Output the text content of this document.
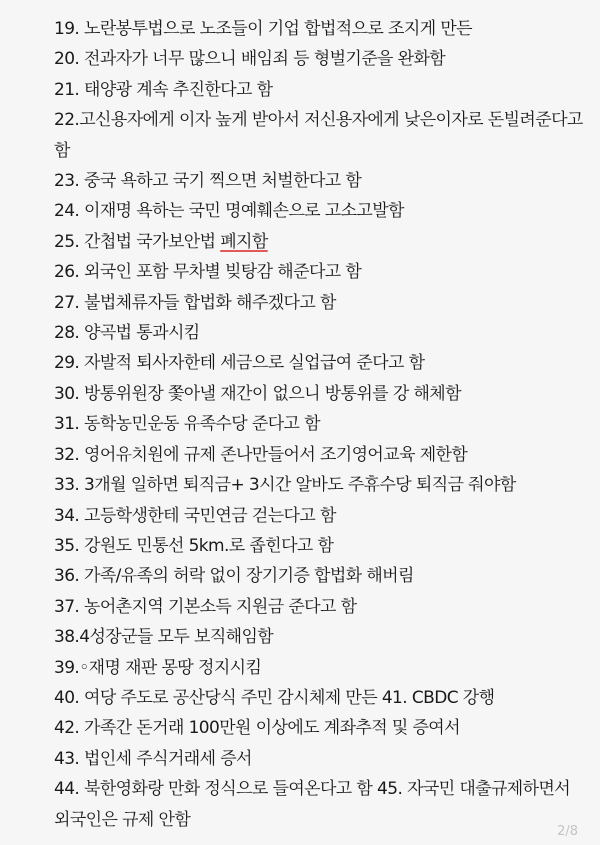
19. 노란봉투법으로 노조들이 기업 합법적으로 조지게 만든
20. 전과자가 너무 많으니 배임죄 등 형벌기준을 완화함
21. 태양광 계속 추진한다고 함
22.고신용자에게 이자 높게 받아서 저신용자에게 낮은이자로 돈빌려준다고 함
23. 중국 욕하고 국기 찍으면 처벌한다고 함
24. 이재명 욕하는 국민 명예훼손으로 고소고발함
25. 간첩법 국가보안법 폐지함
26. 외국인 포함 무차별 빚탕감 해준다고 함
27. 불법체류자들 합법화 해주겠다고 함
28. 양곡법 통과시킴
29. 자발적 퇴사자한테 세금으로 실업급여 준다고 함
30. 방통위원장 쫓아낼 재간이 없으니 방통위를 강 해체함
31. 동학농민운동 유족수당 준다고 함
32. 영어유치원에 규제 존나만들어서 조기영어교육 제한함
33. 3개월 일하면 퇴직금+ 3시간 알바도 주휴수당 퇴직금 줘야함
34. 고등학생한테 국민연금 걷는다고 함
35. 강원도 민통선 5km.로 좁힌다고 함
36. 가족/유족의 허락 없이 장기기증 합법화 해버림
37. 농어촌지역 기본소득 지원금 준다고 함
38.4성장군들 모두 보직해임함
39.◦재명 재판 몽땅 정지시킴
40. 여당 주도로 공산당식 주민 감시체제 만든 41. CBDC 강행
42. 가족간 돈거래 100만원 이상에도 계좌추적 및 증여서
43. 법인세 주식거래세 증서
44. 북한영화랑 만화 정식으로 들여온다고 함 45. 자국민 대출규제하면서 외국인은 규제 안함
2/8
